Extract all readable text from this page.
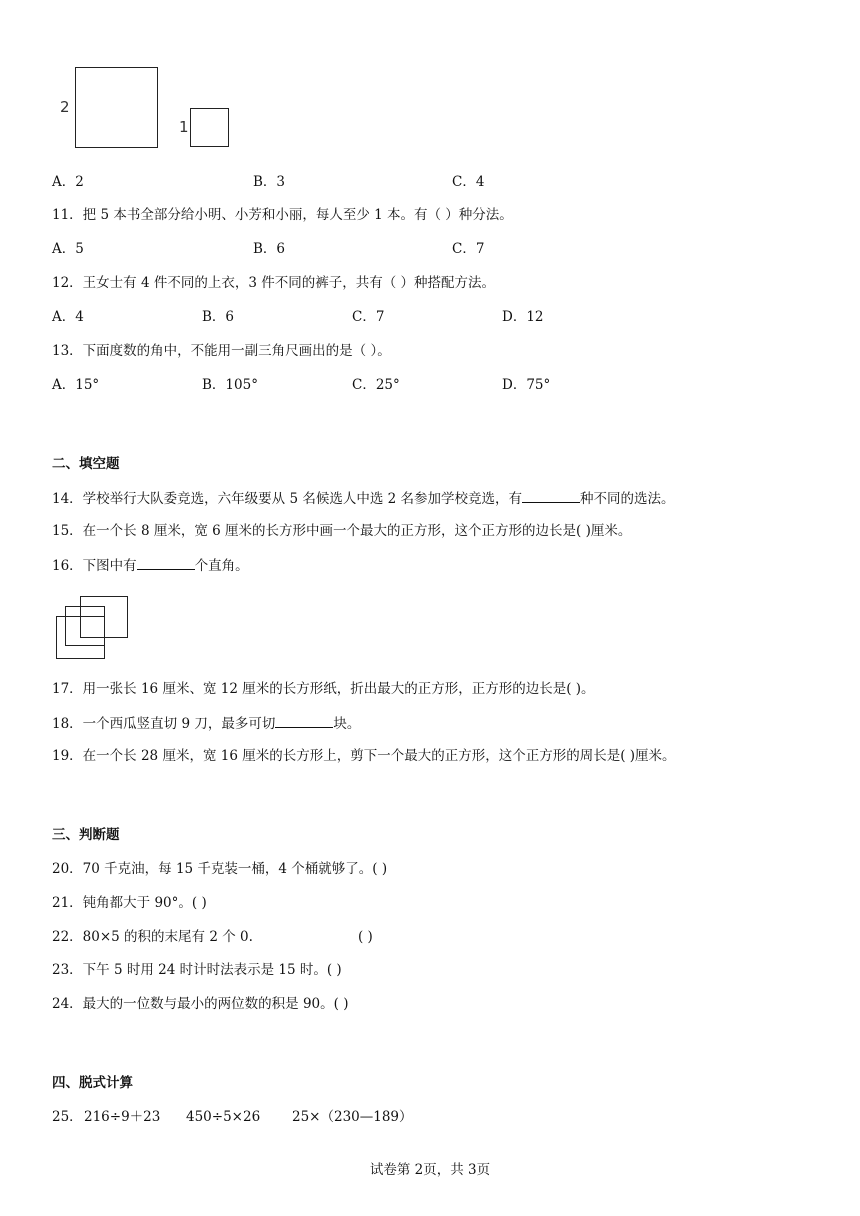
2
1
A．2	B．3	C．4
11．把 5 本书全部分给小明、小芳和小丽，每人至少 1 本。有（ ）种分法。
A．5	B．6	C．7
12．王女士有 4 件不同的上衣，3 件不同的裤子，共有（ ）种搭配方法。
A．4	B．6	C．7	D．12
13．下面度数的角中，不能用一副三角尺画出的是（ ）。
A．15°	B．105°	C．25°	D．75°
二、填空题
14．学校举行大队委竞选，六年级要从 5 名候选人中选 2 名参加学校竞选，有	种不同的选法。
15．在一个长 8 厘米，宽 6 厘米的长方形中画一个最大的正方形，这个正方形的边长是( )厘米。
16．下图中有	个直角。
17．用一张长 16 厘米、宽 12 厘米的长方形纸，折出最大的正方形，正方形的边长是( )。
18．一个西瓜竖直切 9 刀，最多可切	块。
19．在一个长 28 厘米，宽 16 厘米的长方形上，剪下一个最大的正方形，这个正方形的周长是( )厘米。
三、判断题
20．70 千克油，每 15 千克装一桶，4 个桶就够了。( )
21．钝角都大于 90°。( )
22．80×5 的积的末尾有 2 个 0.	( )
23．下午 5 时用 24 时计时法表示是 15 时。( )
24．最大的一位数与最小的两位数的积是 90。( )
四、脱式计算
25． 216÷9＋23 450÷5×26 25×（230—189）
试卷第 2页，共 3页
